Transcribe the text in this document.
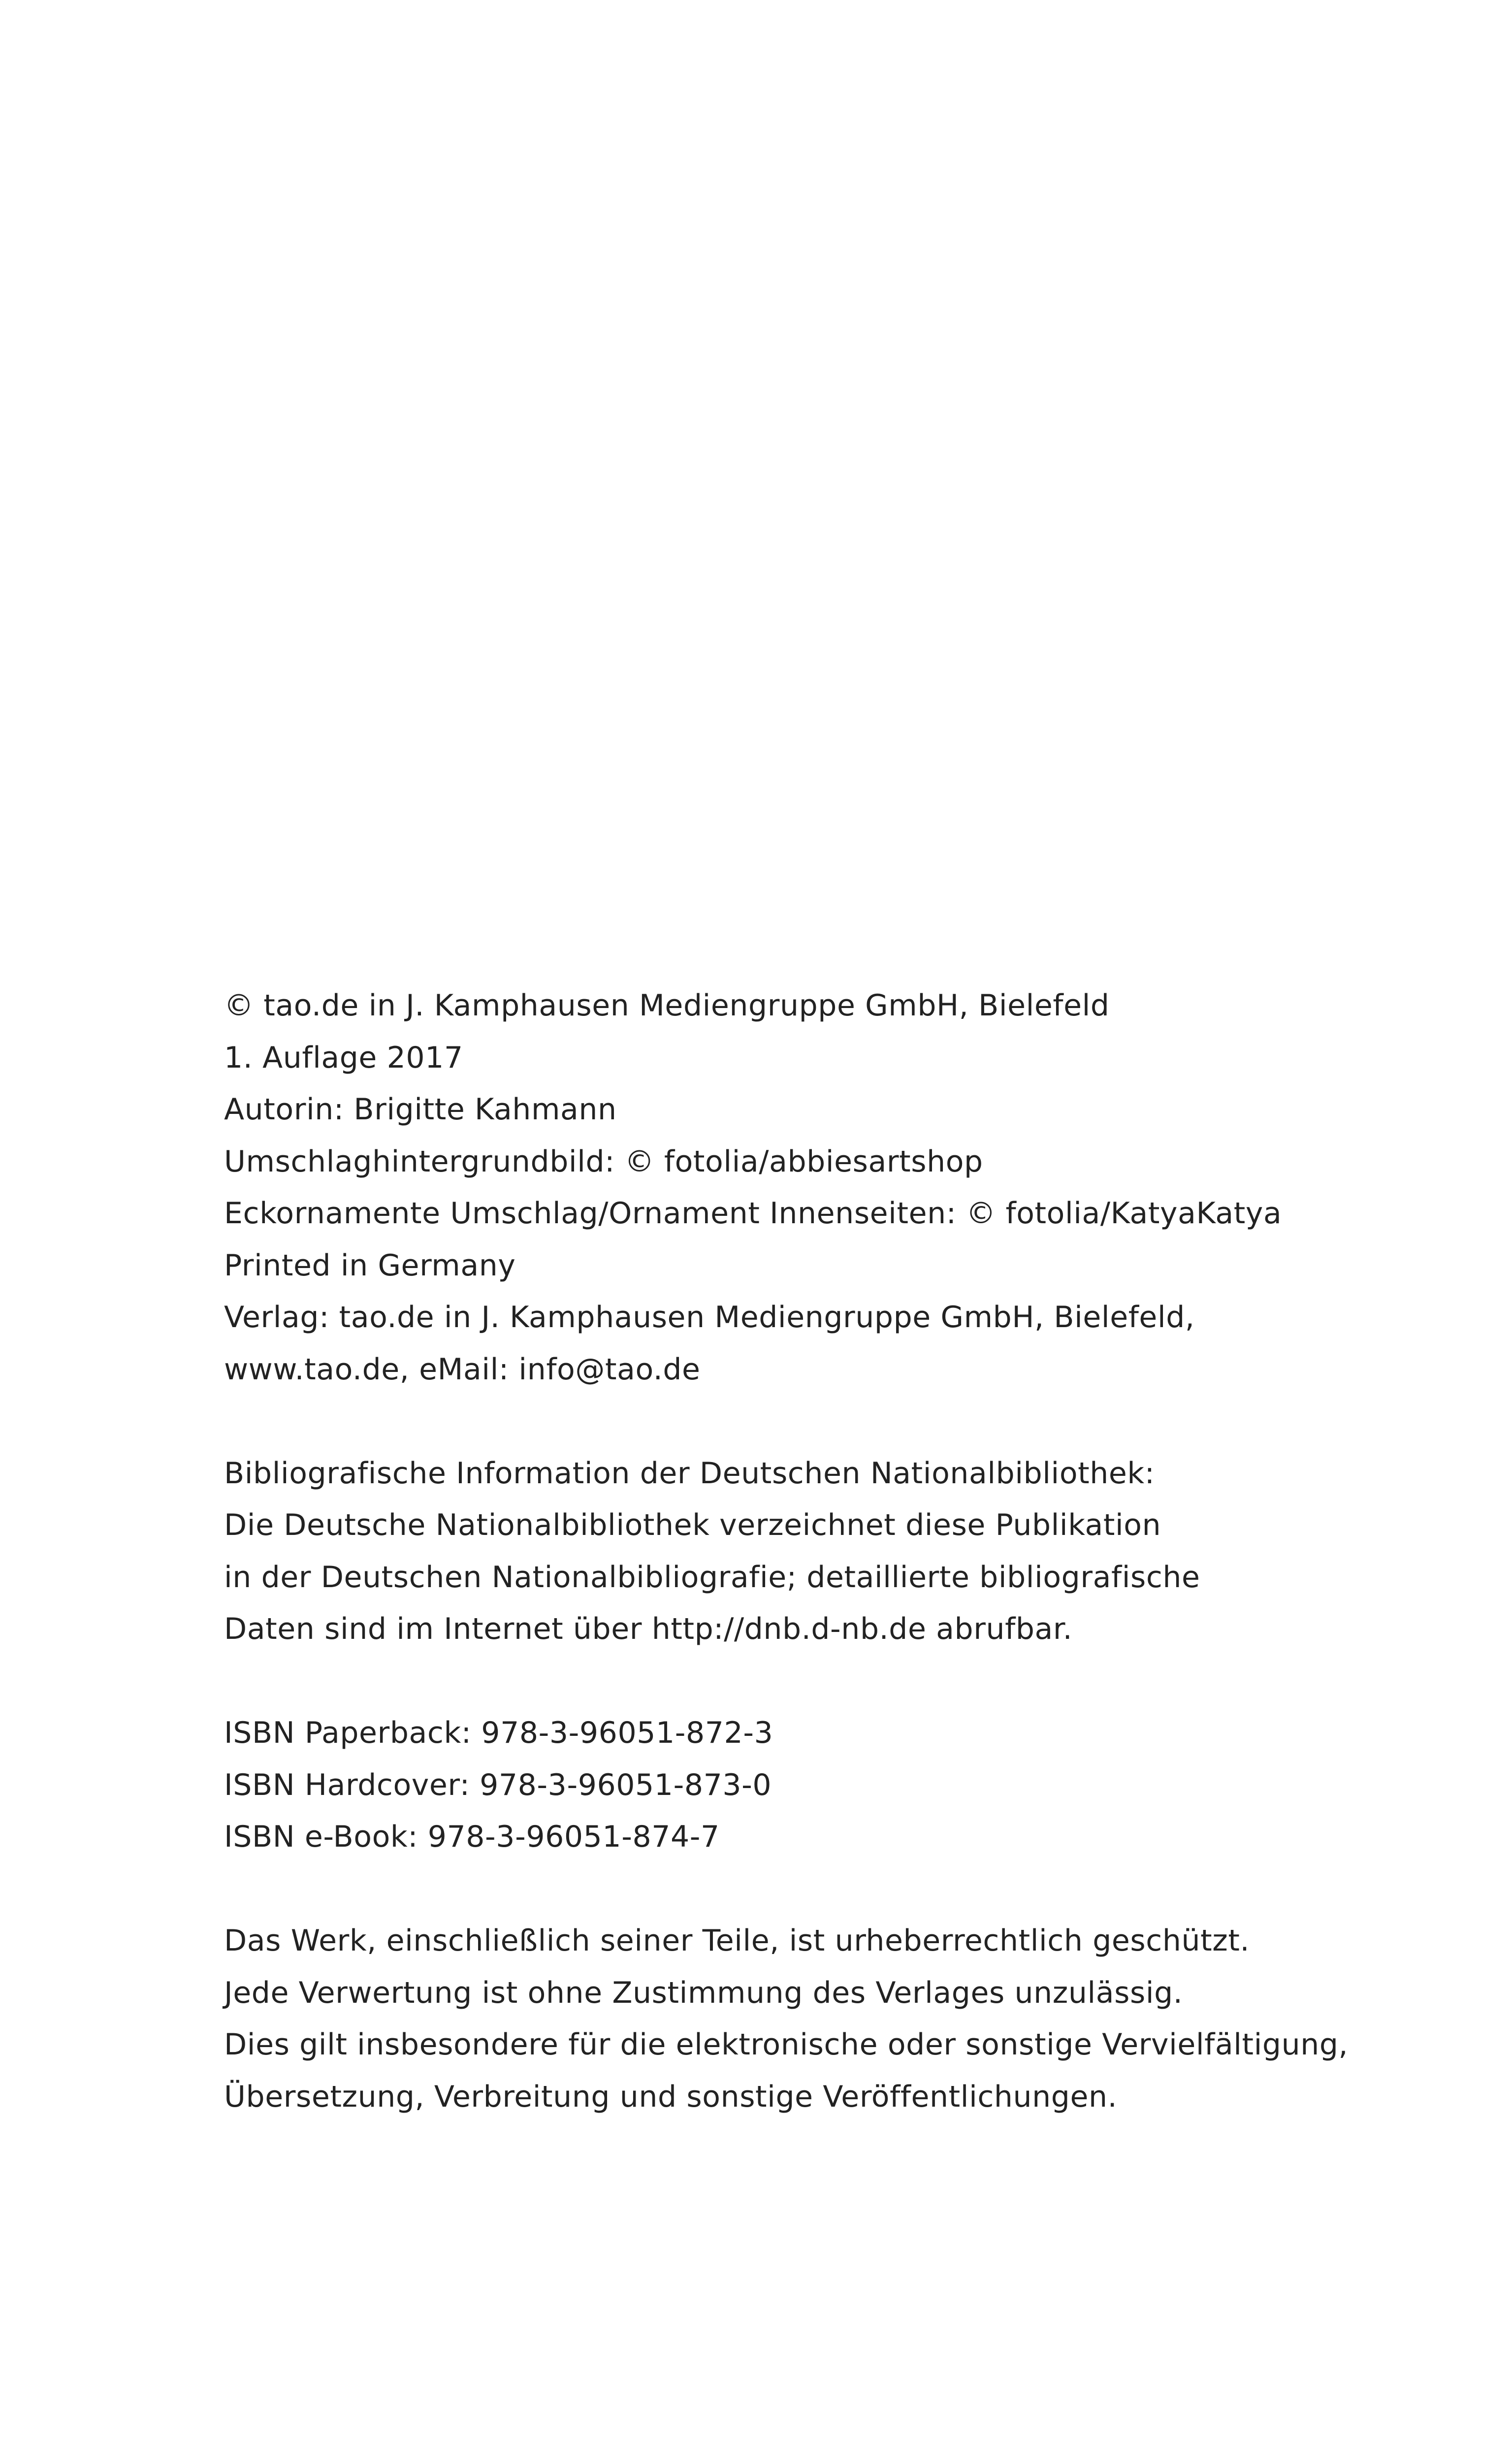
© tao.de in J. Kamphausen Mediengruppe GmbH, Bielefeld
1. Auflage 2017
Autorin: Brigitte Kahmann
Umschlaghintergrundbild: © fotolia/abbiesartshop
Eckornamente Umschlag/Ornament Innenseiten: © fotolia/KatyaKatya
Printed in Germany
Verlag: tao.de in J. Kamphausen Mediengruppe GmbH, Bielefeld,
www.tao.de, eMail: info@tao.de
Bibliografische Information der Deutschen Nationalbibliothek:
Die Deutsche Nationalbibliothek verzeichnet diese Publikation
in der Deutschen Nationalbibliografie; detaillierte bibliografische
Daten sind im Internet über http://dnb.d-nb.de abrufbar.
ISBN Paperback: 978-3-96051-872-3
ISBN Hardcover: 978-3-96051-873-0
ISBN e-Book: 978-3-96051-874-7
Das Werk, einschließlich seiner Teile, ist urheberrechtlich geschützt.
Jede Verwertung ist ohne Zustimmung des Verlages unzulässig.
Dies gilt insbesondere für die elektronische oder sonstige Vervielfältigung,
Übersetzung, Verbreitung und sonstige Veröffentlichungen.
